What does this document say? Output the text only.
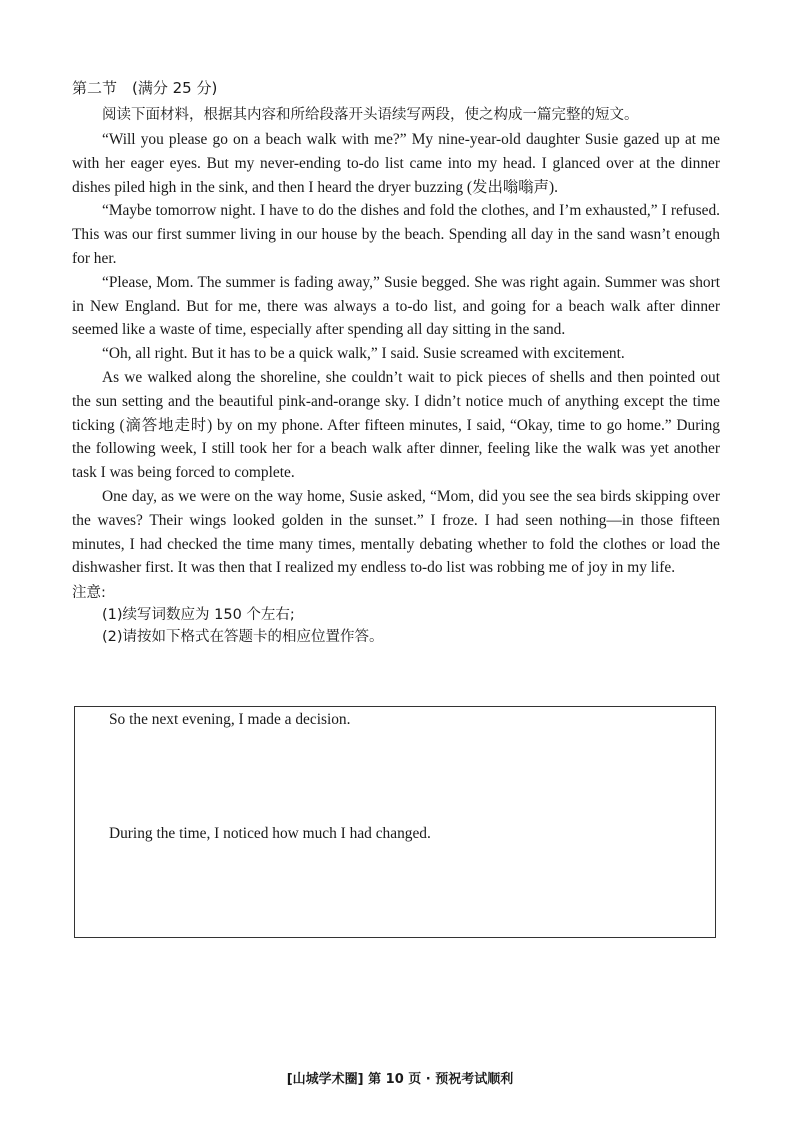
第二节　(满分 25 分)

阅读下面材料，根据其内容和所给段落开头语续写两段，使之构成一篇完整的短文。

“Will you please go on a beach walk with me?” My nine-year-old daughter Susie gazed up at me with her eager eyes. But my never-ending to-do list came into my head. I glanced over at the dinner dishes piled high in the sink, and then I heard the dryer buzzing (发出嗡嗡声).

“Maybe tomorrow night. I have to do the dishes and fold the clothes, and I’m exhausted,” I refused. This was our first summer living in our house by the beach. Spending all day in the sand wasn’t enough for her.

“Please, Mom. The summer is fading away,” Susie begged. She was right again. Summer was short in New England. But for me, there was always a to-do list, and going for a beach walk after dinner seemed like a waste of time, especially after spending all day sitting in the sand.

“Oh, all right. But it has to be a quick walk,” I said. Susie screamed with excitement.

As we walked along the shoreline, she couldn’t wait to pick pieces of shells and then pointed out the sun setting and the beautiful pink-and-orange sky. I didn’t notice much of anything except the time ticking (滴答地走时) by on my phone. After fifteen minutes, I said, “Okay, time to go home.” During the following week, I still took her for a beach walk after dinner, feeling like the walk was yet another task I was being forced to complete.

One day, as we were on the way home, Susie asked, “Mom, did you see the sea birds skipping over the waves? Their wings looked golden in the sunset.” I froze. I had seen nothing—in those fifteen minutes, I had checked the time many times, mentally debating whether to fold the clothes or load the dishwasher first. It was then that I realized my endless to-do list was robbing me of joy in my life.

注意:

(1)续写词数应为 150 个左右;

(2)请按如下格式在答题卡的相应位置作答。

So the next evening, I made a decision.

During the time, I noticed how much I had changed.

[山城学术圈] 第 10 页 · 预祝考试顺利
